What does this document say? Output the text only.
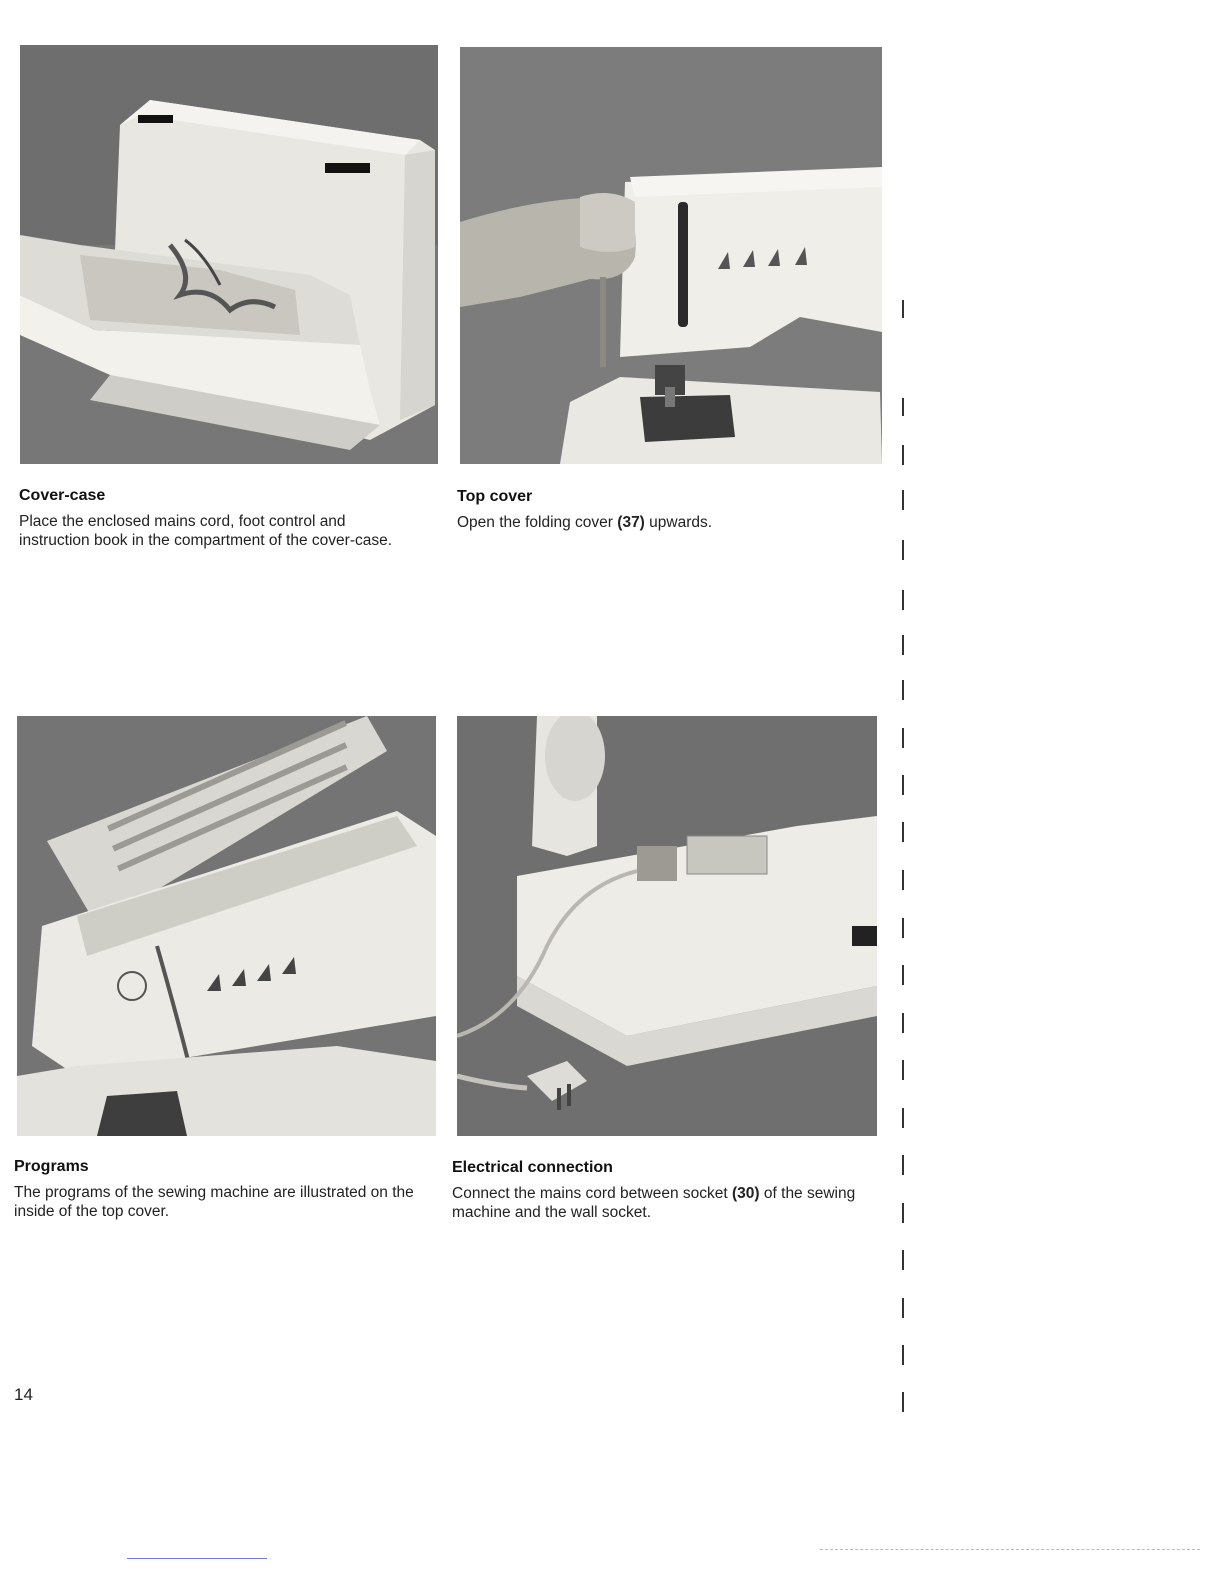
Cover-case

Place the enclosed mains cord, foot control and instruction book in the compartment of the cover-case.

Top cover

Open the folding cover (37) upwards.

Programs

The programs of the sewing machine are illustrated on the inside of the top cover.

Electrical connection

Connect the mains cord between socket (30) of the sewing machine and the wall socket.

14
